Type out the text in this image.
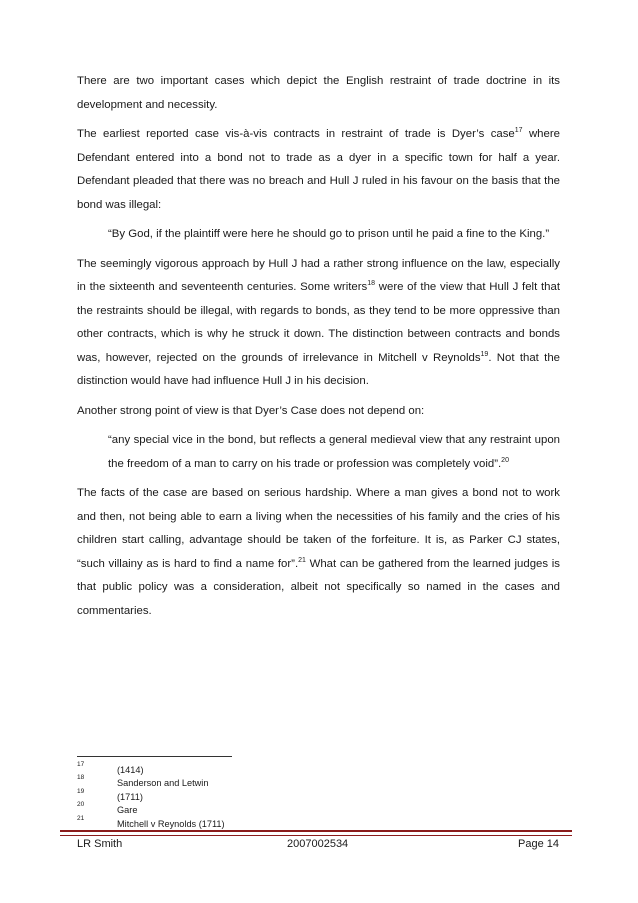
There are two important cases which depict the English restraint of trade doctrine in its development and necessity.

The earliest reported case vis-à-vis contracts in restraint of trade is Dyer’s case$^{17}$ where Defendant entered into a bond not to trade as a dyer in a specific town for half a year. Defendant pleaded that there was no breach and Hull J ruled in his favour on the basis that the bond was illegal:

“By God, if the plaintiff were here he should go to prison until he paid a fine to the King.”

The seemingly vigorous approach by Hull J had a rather strong influence on the law, especially in the sixteenth and seventeenth centuries. Some writers$^{18}$ were of the view that Hull J felt that the restraints should be illegal, with regards to bonds, as they tend to be more oppressive than other contracts, which is why he struck it down. The distinction between contracts and bonds was, however, rejected on the grounds of irrelevance in Mitchell v Reynolds$^{19}$. Not that the distinction would have had influence Hull J in his decision.

Another strong point of view is that Dyer’s Case does not depend on:

“any special vice in the bond, but reflects a general medieval view that any restraint upon the freedom of a man to carry on his trade or profession was completely void”.$^{20}$

The facts of the case are based on serious hardship. Where a man gives a bond not to work and then, not being able to earn a living when the necessities of his family and the cries of his children start calling, advantage should be taken of the forfeiture. It is, as Parker CJ states, “such villainy as is hard to find a name for”.$^{21}$ What can be gathered from the learned judges is that public policy was a consideration, albeit not specifically so named in the cases and commentaries.

17
(1414)
18
Sanderson and Letwin
19
(1711)
20
Gare
21
Mitchell v Reynolds (1711)
LR Smith	2007002534	Page 14
